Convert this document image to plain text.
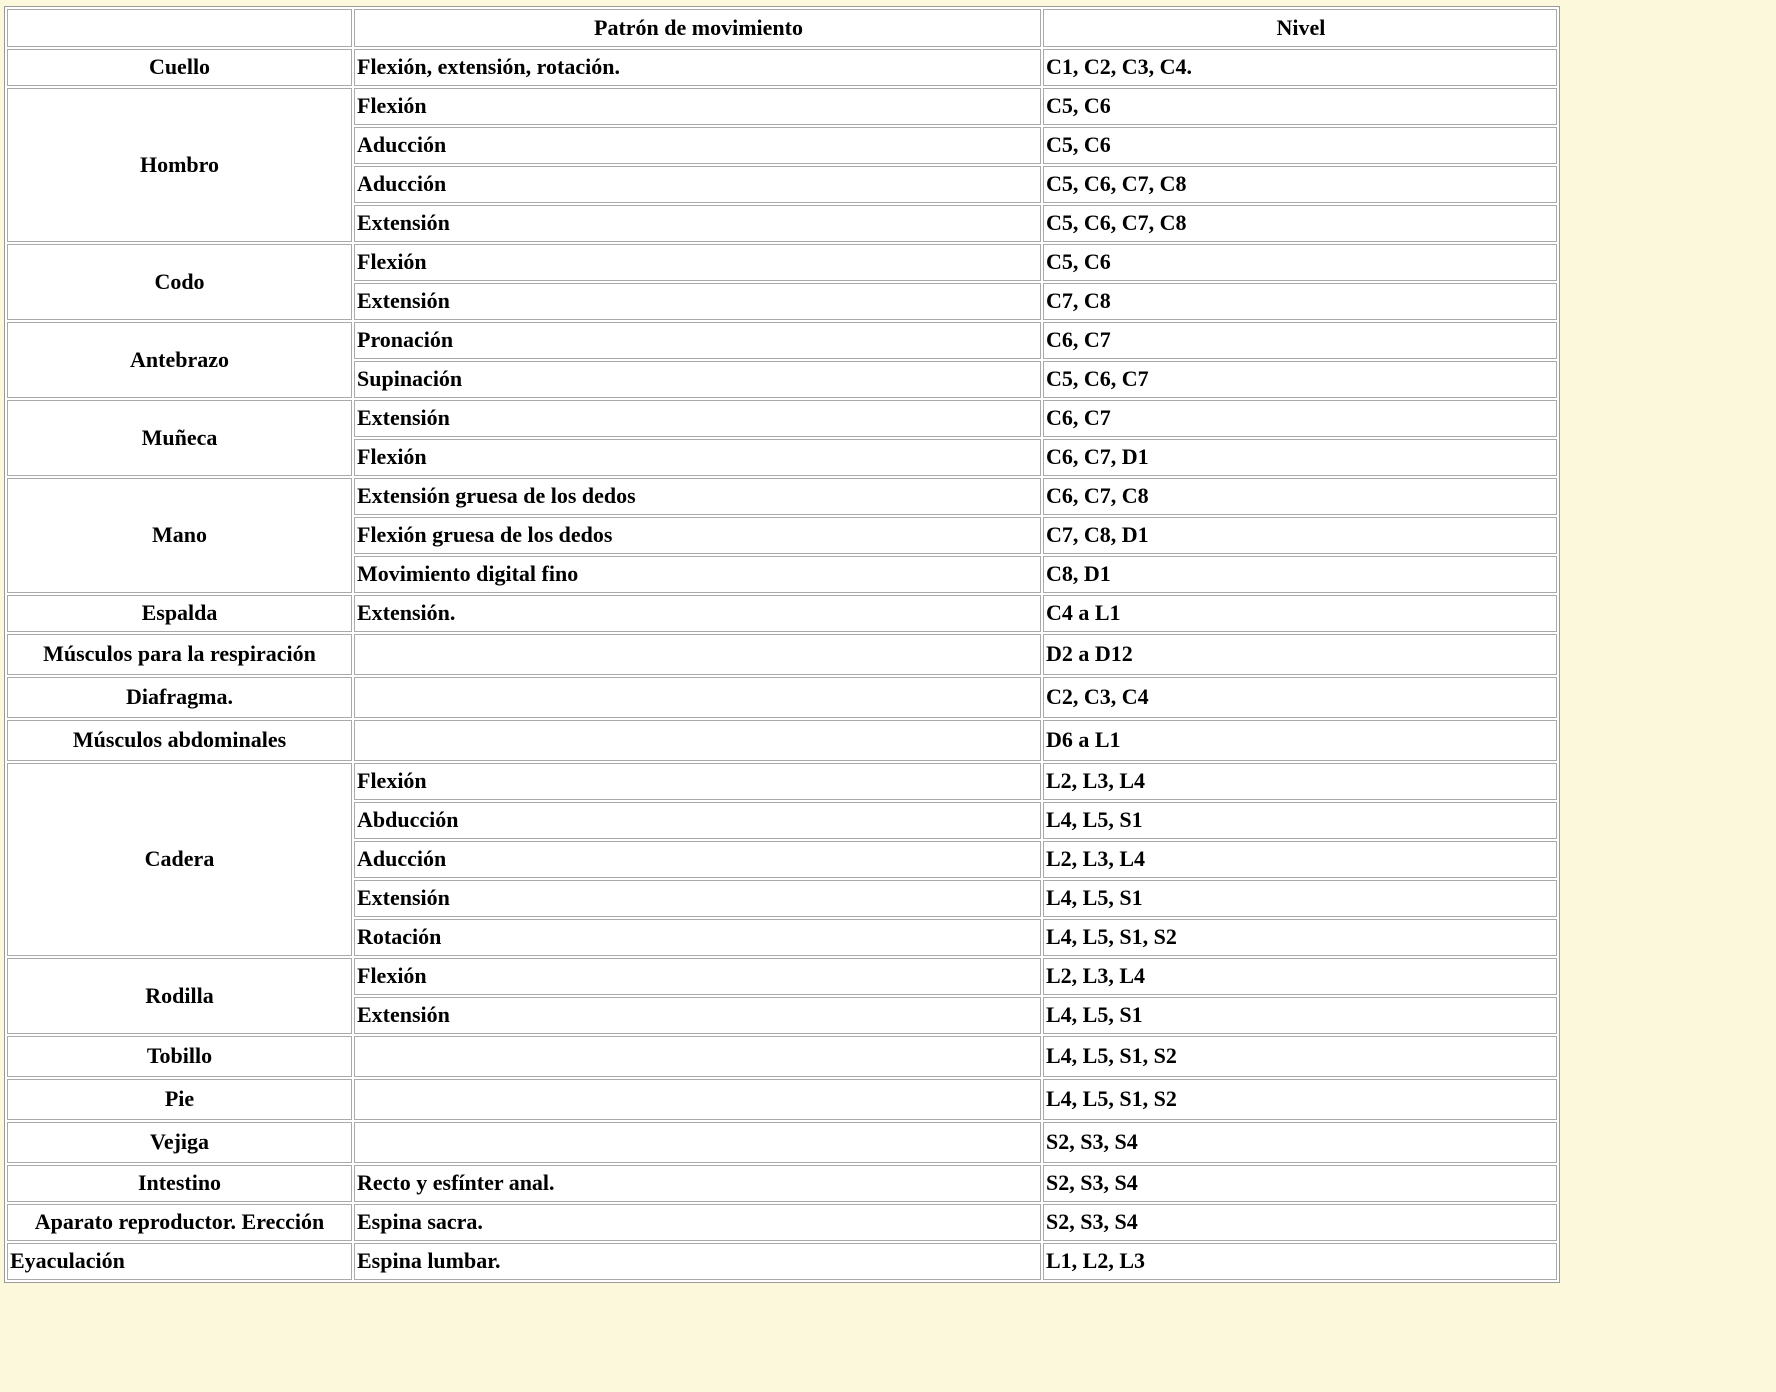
	Patrón de movimiento	Nivel
Cuello	Flexión, extensión, rotación.	C1, C2, C3, C4.
Hombro	Flexión	C5, C6
	Aducción	C5, C6
	Aducción	C5, C6, C7, C8
	Extensión	C5, C6, C7, C8
Codo	Flexión	C5, C6
	Extensión	C7, C8
Antebrazo	Pronación	C6, C7
	Supinación	C5, C6, C7
Muñeca	Extensión	C6, C7
	Flexión	C6, C7, D1
Mano	Extensión gruesa de los dedos	C6, C7, C8
	Flexión gruesa de los dedos	C7, C8, D1
	Movimiento digital fino	C8, D1
Espalda	Extensión.	C4 a L1
Músculos para la respiración		D2 a D12
Diafragma.		C2, C3, C4
Músculos abdominales		D6 a L1
Cadera	Flexión	L2, L3, L4
	Abducción	L4, L5, S1
	Aducción	L2, L3, L4
	Extensión	L4, L5, S1
	Rotación	L4, L5, S1, S2
Rodilla	Flexión	L2, L3, L4
	Extensión	L4, L5, S1
Tobillo		L4, L5, S1, S2
Pie		L4, L5, S1, S2
Vejiga		S2, S3, S4
Intestino	Recto y esfínter anal.	S2, S3, S4
Aparato reproductor. Erección	Espina sacra.	S2, S3, S4
Eyaculación	Espina lumbar.	L1, L2, L3
